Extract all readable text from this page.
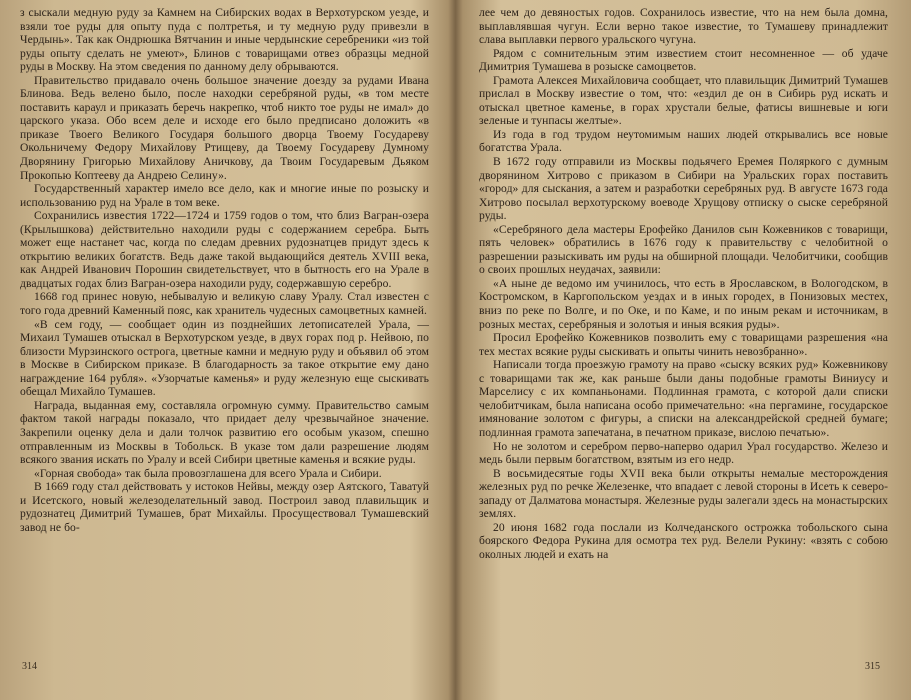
з сыскали медную руду за Камнем на Сибирских водах в Верхотурском уезде, и взяли тое руды для опыту пуда с полтретья, и ту медную руду привезли в Чердынь». Так как Ондрюшка Вятчанин и иные чердынские серебреники «из той руды опыту сделать не умеют», Блинов с товарищами отвез образцы медной руды в Москву. На этом сведения по данному делу обрываются.

Правительство придавало очень большое значение доезду за рудами Ивана Блинова. Ведь велено было, после находки серебряной руды, «в том месте поставить караул и приказать беречь накрепко, чтоб никто тое руды не имал» до царского указа. Обо всем деле и исходе его было предписано доложить «в приказе Твоего Великого Государя большого дворца Твоему Государеву Окольничему Федору Михайлову Ртищеву, да Твоему Государеву Думному Дворянину Григорью Михайлову Аничкову, да Твоим Государевым Дьяком Прокопью Коптееву да Андрею Селину».

Государственный характер имело все дело, как и многие иные по розыску и использованию руд на Урале в том веке.

Сохранились известия 1722—1724 и 1759 годов о том, что близ Вагран-озера (Крылышкова) действительно находили руды с содержанием серебра. Быть может еще настанет час, когда по следам древних рудознатцев придут здесь к открытию великих богатств. Ведь даже такой выдающийся деятель XVIII века, как Андрей Иванович Порошин свидетельствует, что в бытность его на Урале в двадцатых годах близ Вагран-озера находили руду, содержавшую серебро.

1668 год принес новую, небывалую и великую славу Уралу. Стал известен с того года древний Каменный пояс, как хранитель чудесных самоцветных камней.

«В сем году, — сообщает один из позднейших летописателей Урала, — Михаил Тумашев отыскал в Верхотурском уезде, в двух горах под р. Нейвою, по близости Мурзинского острога, цветные камни и медную руду и объявил об этом в Москве в Сибирском приказе. В благодарность за такое открытие ему дано награждение 164 рубля». «Узорчатые каменья» и руду железную еще сыскивать обещал Михайло Тумашев.

Награда, выданная ему, составляла огромную сумму. Правительство самым фактом такой награды показало, что придает делу чрезвычайное значение. Закрепили оценку дела и дали толчок развитию его особым указом, спешно отправленным из Москвы в Тобольск. В указе том дали разрешение людям всякого звания искать по Уралу и всей Сибири цветные каменья и всякие руды.

«Горная свобода» так была провозглашена для всего Урала и Сибири.

В 1669 году стал действовать у истоков Нейвы, между озер Аятского, Таватуй и Исетского, новый железоделательный завод. Построил завод плавильщик и рудознатец Димитрий Тумашев, брат Михайлы. Просуществовал Тумашевский завод не бо-

314

лее чем до девяностых годов. Сохранилось известие, что на нем была домна, выплавлявшая чугун. Если верно такое известие, то Тумашеву принадлежит слава выплавки первого уральского чугуна.

Рядом с сомнительным этим известием стоит несомненное — об удаче Димитрия Тумашева в розыске самоцветов.

Грамота Алексея Михайловича сообщает, что плавильщик Димитрий Тумашев прислал в Москву известие о том, что: «ездил де он в Сибирь руд искать и отыскал цветное каменье, в горах хрустали белые, фатисы вишневые и юги зеленые и тунпасы желтые».

Из года в год трудом неутомимым наших людей открывались все новые богатства Урала.

В 1672 году отправили из Москвы подьячего Еремея Поляркого с думным дворянином Хитрово с приказом в Сибири на Уральских горах поставить «город» для сыскания, а затем и разработки серебряных руд. В августе 1673 года Хитрово посылал верхотурскому воеводе Хрущову отписку о сыске серебряной руды.

«Серебряного дела мастеры Ерофейко Данилов сын Кожевников с товарищи, пять человек» обратились в 1676 году к правительству с челобитной о разрешении разыскивать им руды на обширной площади. Челобитчики, сообщив о своих прошлых неудачах, заявили:

«А ныне де ведомо им учинилось, что есть в Ярославском, в Вологодском, в Костромском, в Каргопольском уездах и в иных городех, в Понизовых местех, вниз по реке по Волге, и по Оке, и по Каме, и по иным рекам и источникам, в розных местах, серебряныя и золотыя и иныя всякия руды».

Просил Ерофейко Кожевников позволить ему с товарищами разрешения «на тех местах всякие руды сыскивать и опыты чинить невозбранно».

Написали тогда проезжую грамоту на право «сыску всяких руд» Кожевникову с товарищами так же, как раньше были даны подобные грамоты Виниусу и Марселису с их компаньонами. Подлинная грамота, с которой дали списки челобитчикам, была написана особо примечательно: «на пергамине, государское имянование золотом с фигуры, а списки на александрейской средней бумаге; подлинная грамота запечатана, в печатном приказе, вислою печатью».

Но не золотом и серебром перво-наперво одарил Урал государство. Железо и медь были первым богатством, взятым из его недр.

В восьмидесятые годы XVII века были открыты немалые месторождения железных руд по речке Железенке, что впадает с левой стороны в Исеть к северо-западу от Далматова монастыря. Железные руды залегали здесь на монастырских землях.

20 июня 1682 года послали из Колчеданского острожка тобольского сына боярского Федора Рукина для осмотра тех руд. Велели Рукину: «взять с собою околных людей и ехать на

315
